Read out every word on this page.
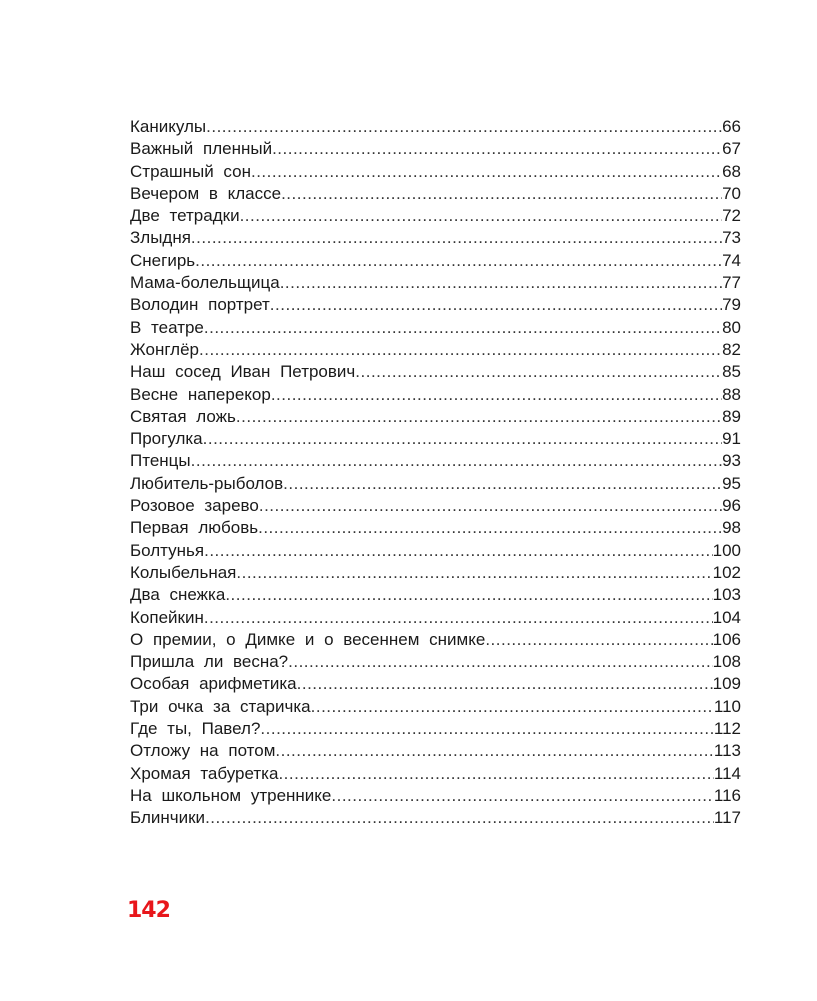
Каникулы .....	66
Важный пленный .....	67
Страшный сон .....	68
Вечером в классе .....	70
Две тетрадки .....	72
Злыдня .....	73
Снегирь .....	74
Мама-болельщица .....	77
Володин портрет .....	79
В театре .....	80
Жонглёр .....	82
Наш сосед Иван Петрович .....	85
Весне наперекор .....	88
Святая ложь .....	89
Прогулка .....	91
Птенцы .....	93
Любитель-рыболов .....	95
Розовое зарево .....	96
Первая любовь .....	98
Болтунья .....	100
Колыбельная .....	102
Два снежка .....	103
Копейкин .....	104
О премии, о Димке и о весеннем снимке .....	106
Пришла ли весна? .....	108
Особая арифметика .....	109
Три очка за старичка .....	110
Где ты, Павел? .....	112
Отложу на потом .....	113
Хромая табуретка .....	114
На школьном утреннике .....	116
Блинчики .....	117
142
